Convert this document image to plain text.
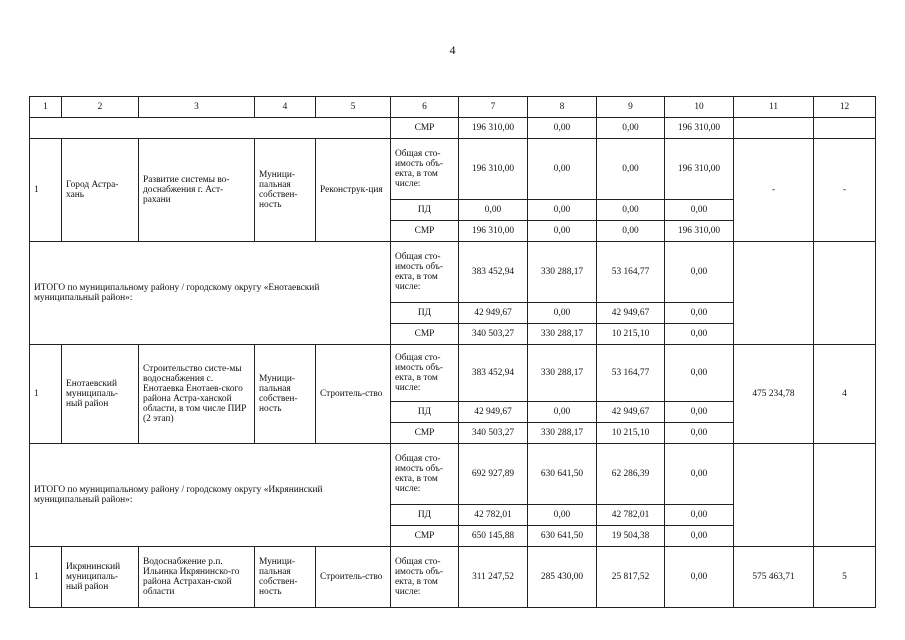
4
1	2	3	4	5	6	7	8	9	10	11	12
					СМР	196 310,00	0,00	0,00	196 310,00		
1	Город Астра-хань	Развитие системы во-доснабжения г. Аст-рахани	Муници-пальная собствен-ность	Реконструк-ция	Общая сто-имость объ-екта, в том числе:	196 310,00	0,00	0,00	196 310,00	-	-
					ПД	0,00	0,00	0,00	0,00		
					СМР	196 310,00	0,00	0,00	196 310,00		
ИТОГО по муниципальному району / городскому округу «Енотаевский муниципальный район»:					Общая сто-имость объ-екта, в том числе:	383 452,94	330 288,17	53 164,77	0,00		
					ПД	42 949,67	0,00	42 949,67	0,00		
					СМР	340 503,27	330 288,17	10 215,10	0,00		
1	Енотаевский муниципаль-ный район	Строительство систе-мы водоснабжения с. Енотаевка Енотаев-ского района Астра-ханской области, в том числе ПИР (2 этап)	Муници-пальная собствен-ность	Строитель-ство	Общая сто-имость объ-екта, в том числе:	383 452,94	330 288,17	53 164,77	0,00	475 234,78	4
					ПД	42 949,67	0,00	42 949,67	0,00		
					СМР	340 503,27	330 288,17	10 215,10	0,00		
ИТОГО по муниципальному району / городскому округу «Икрянинский муниципальный район»:					Общая сто-имость объ-екта, в том числе:	692 927,89	630 641,50	62 286,39	0,00		
					ПД	42 782,01	0,00	42 782,01	0,00		
					СМР	650 145,88	630 641,50	19 504,38	0,00		
1	Икрянинский муниципаль-ный район	Водоснабжение р.п. Ильинка Икрянинско-го района Астрахан-ской области	Муници-пальная собствен-ность	Строитель-ство	Общая сто-имость объ-екта, в том числе:	311 247,52	285 430,00	25 817,52	0,00	575 463,71	5
